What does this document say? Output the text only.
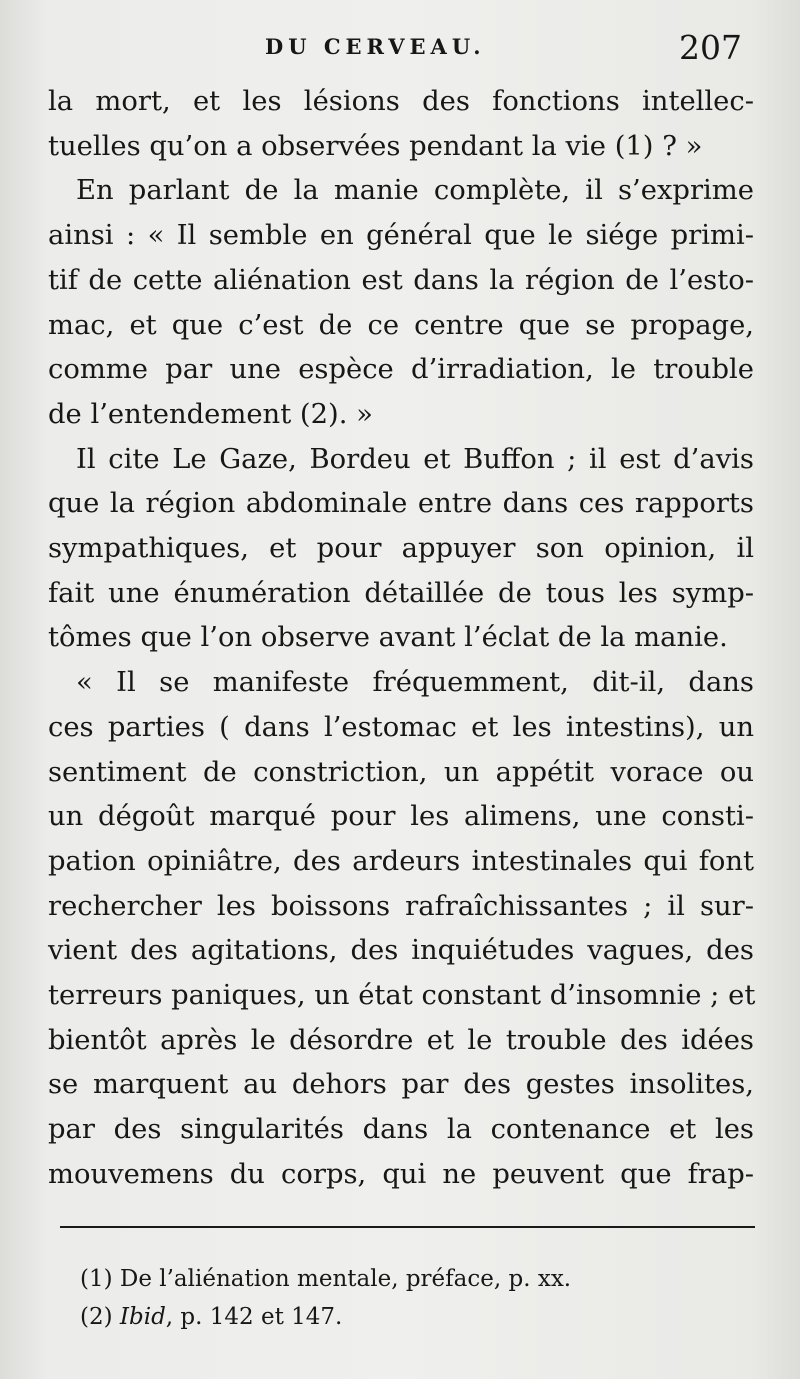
DU CERVEAU.	207

la mort, et les lésions des fonctions intellec-
tuelles qu’on a observées pendant la vie (1) ? »

En parlant de la manie complète, il s’exprime
ainsi : « Il semble en général que le siége primi-
tif de cette aliénation est dans la région de l’esto-
mac, et que c’est de ce centre que se propage,
comme par une espèce d’irradiation, le trouble
de l’entendement (2). »

Il cite Le Gaze, Bordeu et Buffon ; il est d’avis
que la région abdominale entre dans ces rapports
sympathiques, et pour appuyer son opinion, il
fait une énumération détaillée de tous les symp-
tômes que l’on observe avant l’éclat de la manie.

« Il se manifeste fréquemment, dit-il, dans
ces parties ( dans l’estomac et les intestins), un
sentiment de constriction, un appétit vorace ou
un dégoût marqué pour les alimens, une consti-
pation opiniâtre, des ardeurs intestinales qui font
rechercher les boissons rafraîchissantes ; il sur-
vient des agitations, des inquiétudes vagues, des
terreurs paniques, un état constant d’insomnie ; et
bientôt après le désordre et le trouble des idées
se marquent au dehors par des gestes insolites,
par des singularités dans la contenance et les
mouvemens du corps, qui ne peuvent que frap-

(1) De l’aliénation mentale, préface, p. xx.
(2) Ibid, p. 142 et 147.
